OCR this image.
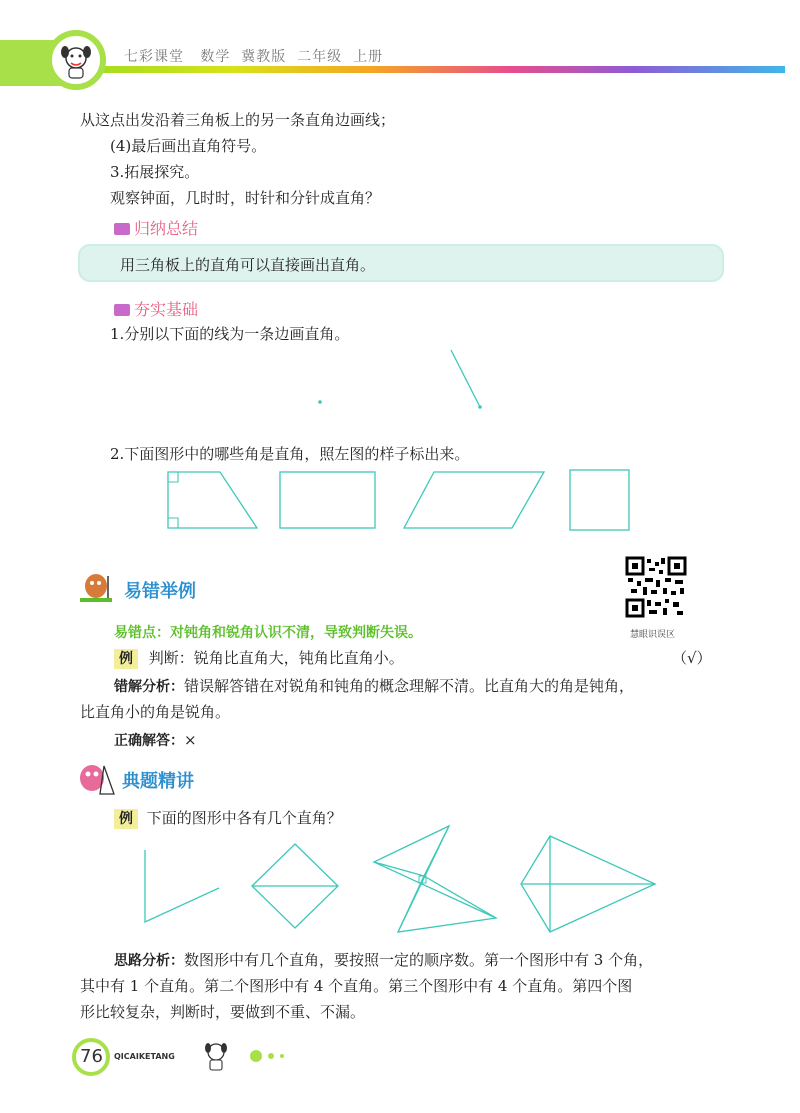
七彩课堂 数学 冀教版 二年级 上册
从这点出发沿着三角板上的另一条直角边画线；
(4)最后画出直角符号。
3.拓展探究。
观察钟面，几时时，时针和分针成直角？
归纳总结
用三角板上的直角可以直接画出直角。
夯实基础
1.分别以下面的线为一条边画直角。
2.下面图形中的哪些角是直角，照左图的样子标出来。
易错举例
慧眼识误区
易错点：对钝角和锐角认识不清，导致判断失误。
例 判断：锐角比直角大，钝角比直角小。	（√）
错解分析：错误解答错在对锐角和钝角的概念理解不清。比直角大的角是钝角，
比直角小的角是锐角。
正确解答：×
典题精讲
例 下面的图形中各有几个直角？
思路分析：数图形中有几个直角，要按照一定的顺序数。第一个图形中有 3 个角，
其中有 1 个直角。第二个图形中有 4 个直角。第三个图形中有 4 个直角。第四个图
形比较复杂，判断时，要做到不重、不漏。
76 QICAIKETANG
